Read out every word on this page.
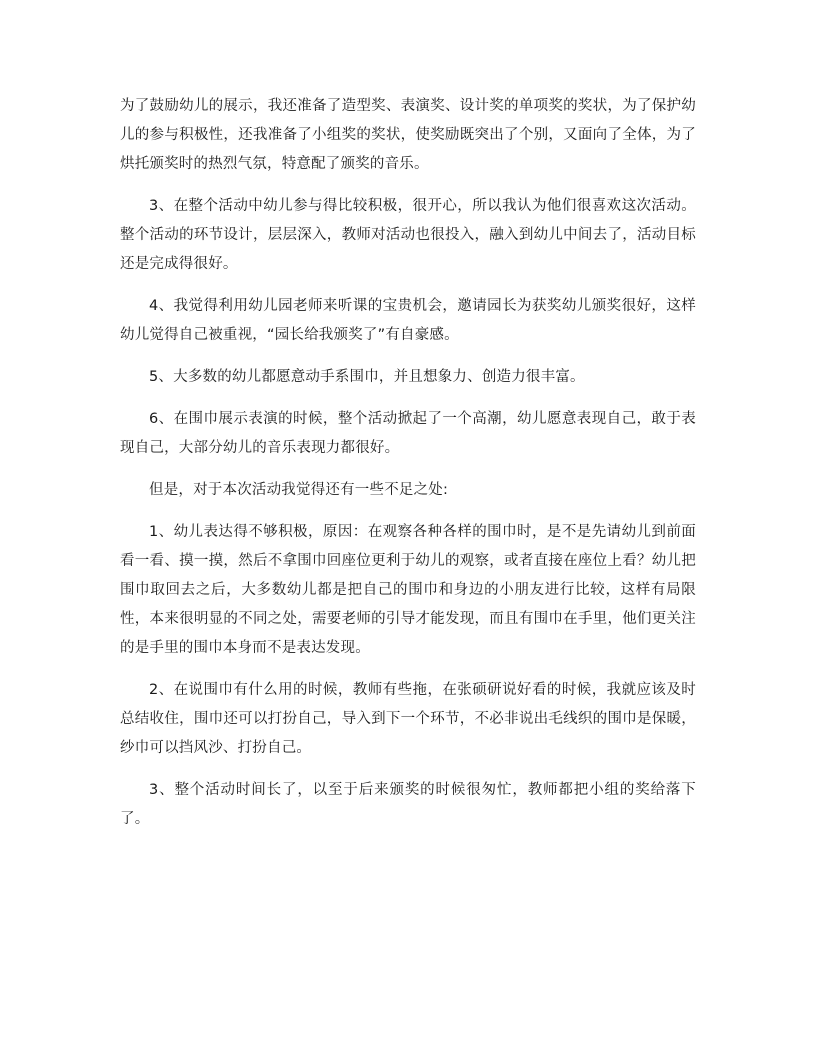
为了鼓励幼儿的展示，我还准备了造型奖、表演奖、设计奖的单项奖的奖状，为了保护幼儿的参与积极性，还我准备了小组奖的奖状，使奖励既突出了个别，又面向了全体，为了烘托颁奖时的热烈气氛，特意配了颁奖的音乐。

3、在整个活动中幼儿参与得比较积极，很开心，所以我认为他们很喜欢这次活动。整个活动的环节设计，层层深入，教师对活动也很投入，融入到幼儿中间去了，活动目标还是完成得很好。

4、我觉得利用幼儿园老师来听课的宝贵机会，邀请园长为获奖幼儿颁奖很好，这样幼儿觉得自己被重视，“园长给我颁奖了”有自豪感。

5、大多数的幼儿都愿意动手系围巾，并且想象力、创造力很丰富。

6、在围巾展示表演的时候，整个活动掀起了一个高潮，幼儿愿意表现自己，敢于表现自己，大部分幼儿的音乐表现力都很好。

但是，对于本次活动我觉得还有一些不足之处:

1、幼儿表达得不够积极，原因：在观察各种各样的围巾时，是不是先请幼儿到前面看一看、摸一摸，然后不拿围巾回座位更利于幼儿的观察，或者直接在座位上看？幼儿把围巾取回去之后，大多数幼儿都是把自己的围巾和身边的小朋友进行比较，这样有局限性，本来很明显的不同之处，需要老师的引导才能发现，而且有围巾在手里，他们更关注的是手里的围巾本身而不是表达发现。

2、在说围巾有什么用的时候，教师有些拖，在张硕研说好看的时候，我就应该及时总结收住，围巾还可以打扮自己，导入到下一个环节，不必非说出毛线织的围巾是保暖，纱巾可以挡风沙、打扮自己。

3、整个活动时间长了，以至于后来颁奖的时候很匆忙，教师都把小组的奖给落下了。
